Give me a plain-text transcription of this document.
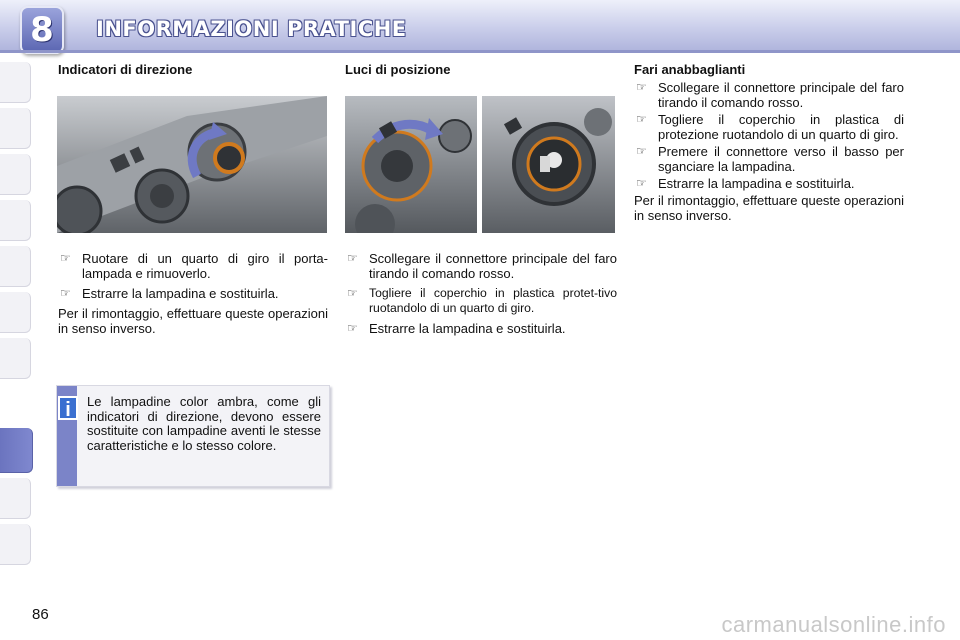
8	INFORMAZIONI PRATICHE

Indicatori di direzione

☞ Ruotare di un quarto di giro il porta-lampada e rimuoverlo.
☞ Estrarre la lampadina e sostituirla.

Per il rimontaggio, effettuare queste operazioni in senso inverso.

Luci di posizione

☞ Scollegare il connettore principale del faro tirando il comando rosso.
☞ Togliere il coperchio in plastica protet-tivo ruotandolo di un quarto di giro.
☞ Estrarre la lampadina e sostituirla.

Fari anabbaglianti

☞ Scollegare il connettore principale del faro tirando il comando rosso.
☞ Togliere il coperchio in plastica di protezione ruotandolo di un quarto di giro.
☞ Premere il connettore verso il basso per sganciare la lampadina.
☞ Estrarre la lampadina e sostituirla.

Per il rimontaggio, effettuare queste operazioni in senso inverso.

i	Le lampadine color ambra, come gli indicatori di direzione, devono essere sostituite con lampadine aventi le stesse caratteristiche e lo stesso colore.
86	carmanualsonline.info
